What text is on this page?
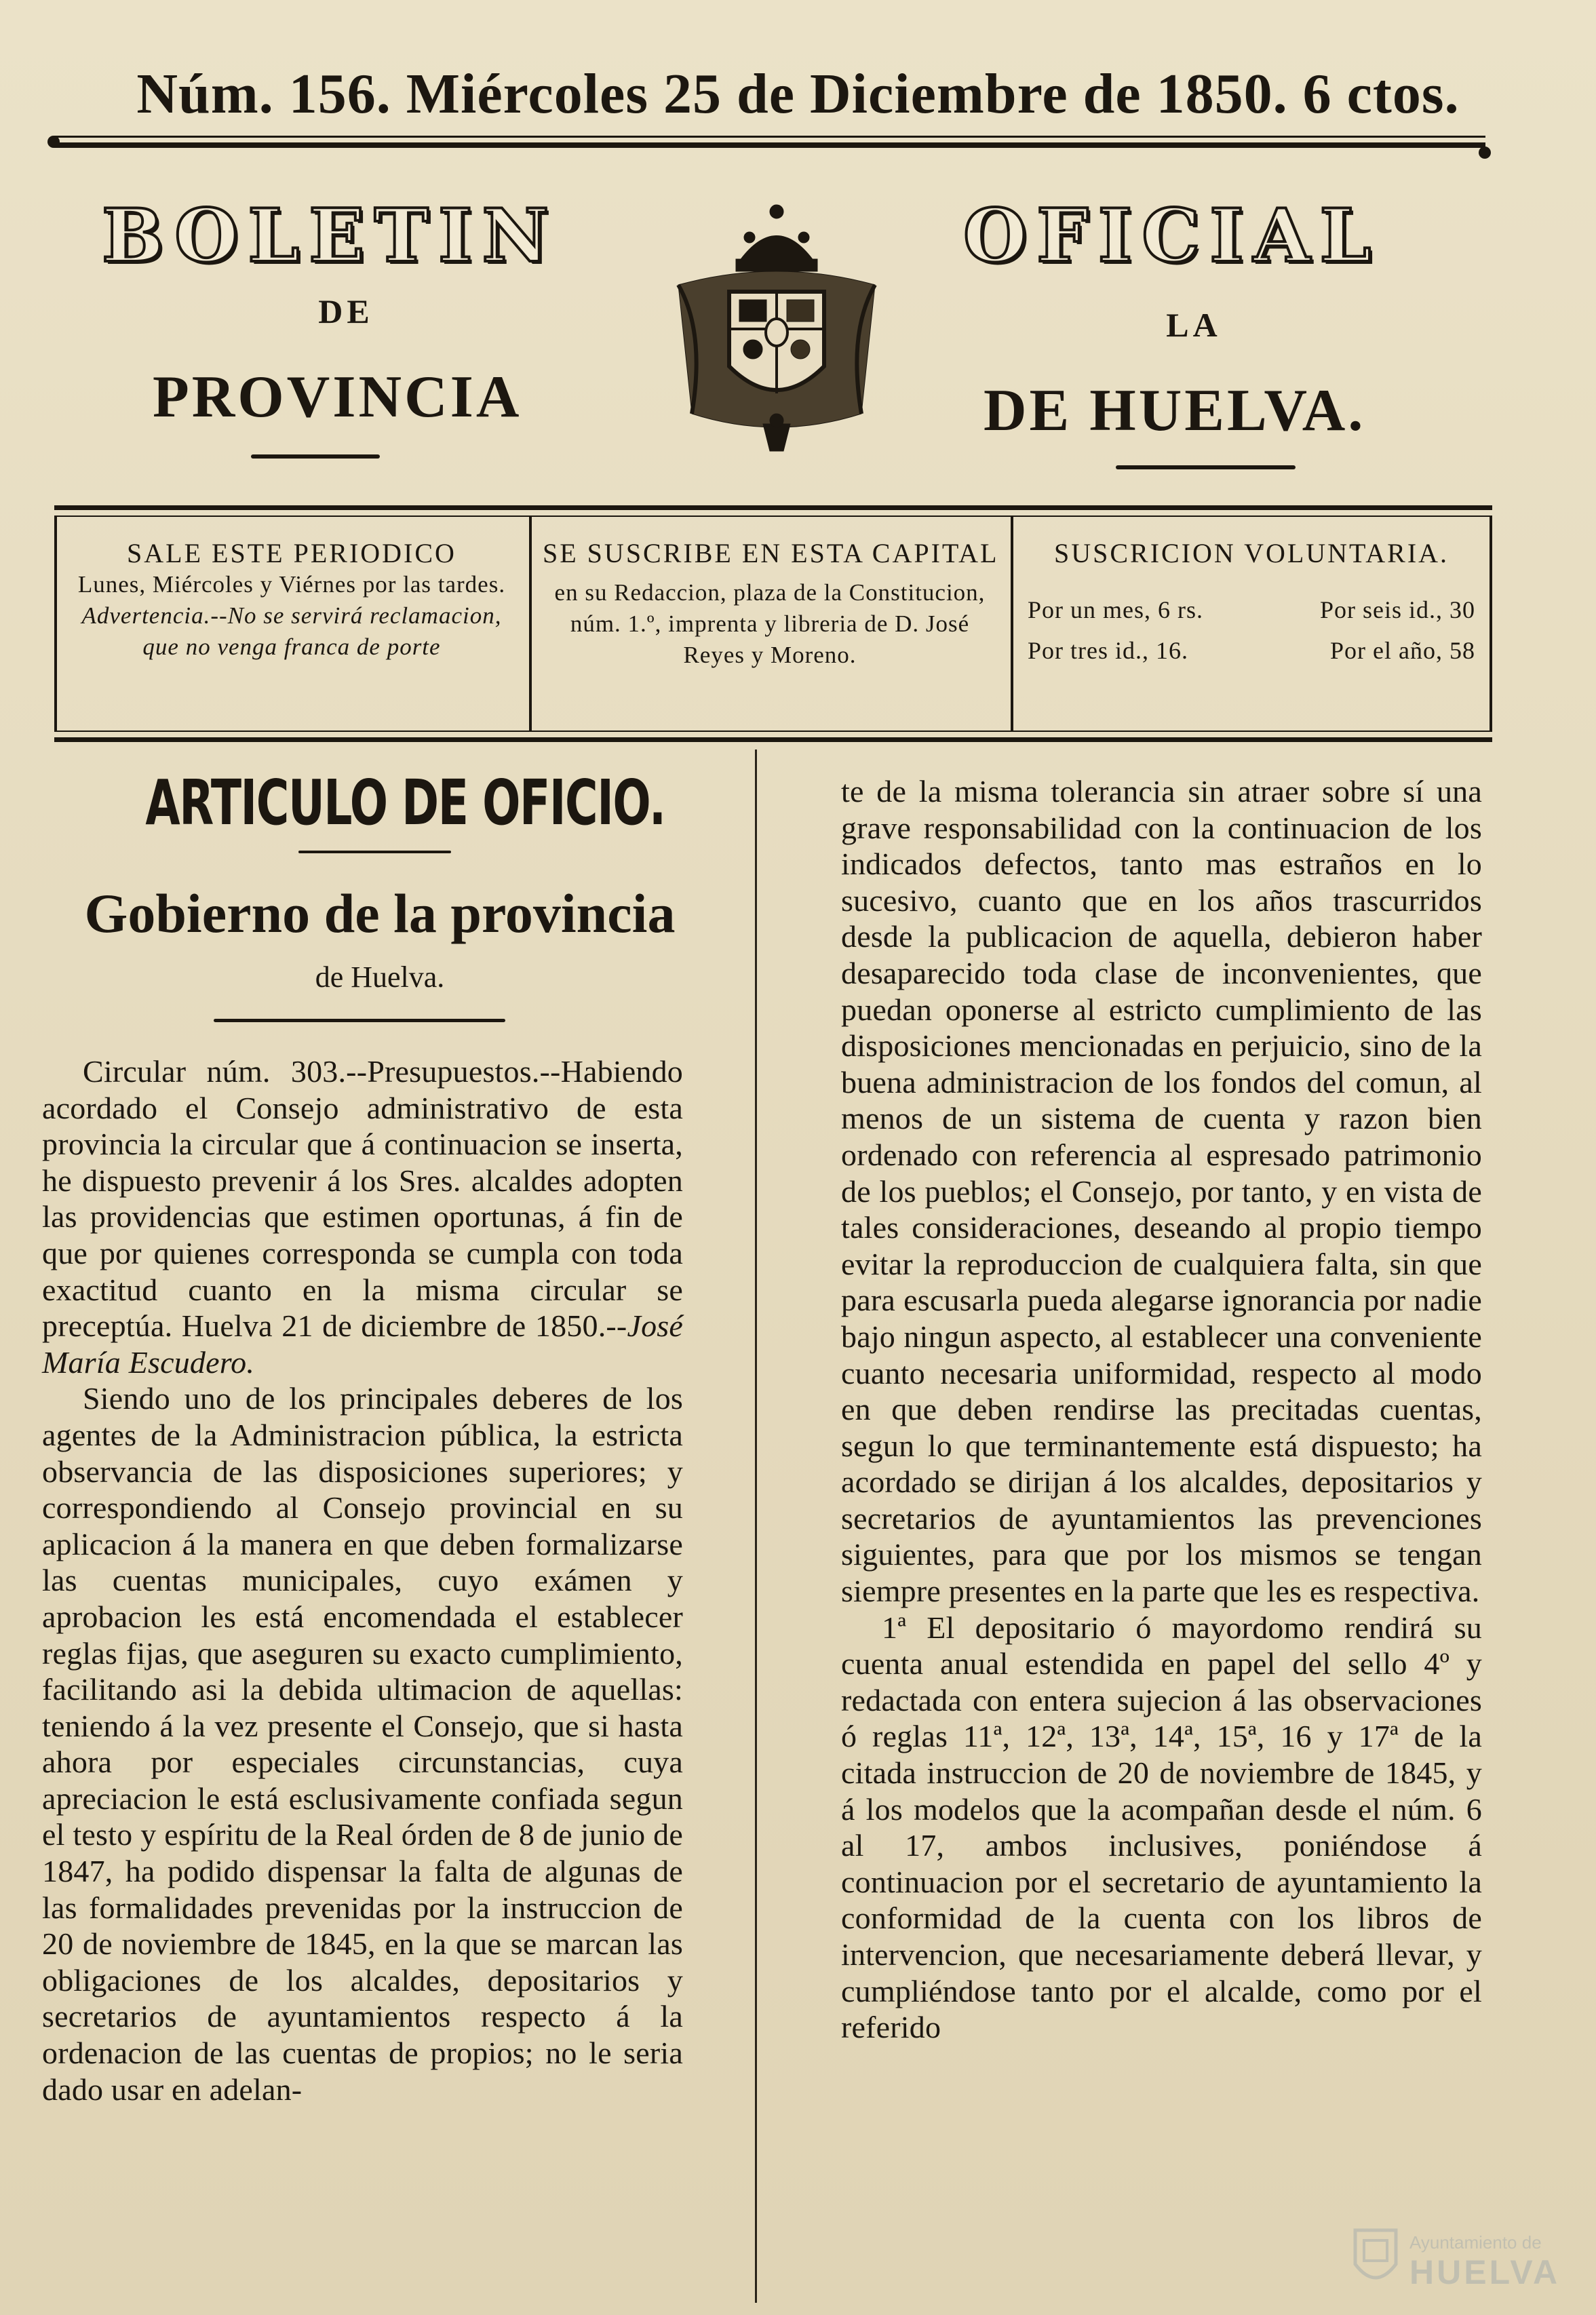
Núm. 156. Miércoles 25 de Diciembre de 1850. 6 ctos.
BOLETIN	OFICIAL
DE	LA
PROVINCIA	DE HUELVA.
SALE ESTE PERIODICO
Lunes, Miércoles y Viérnes por las tardes.
Advertencia.--No se servirá reclamacion, que no venga franca de porte
SE SUSCRIBE EN ESTA CAPITAL
en su Redaccion, plaza de la Constitucion, núm. 1.º, imprenta y libreria de D. José Reyes y Moreno.
SUSCRICION VOLUNTARIA.
Por un mes, 6 rs.	Por seis id., 30
Por tres id., 16.	Por el año, 58
ARTICULO DE OFICIO.
Gobierno de la provincia
de Huelva.

Circular núm. 303.--Presupuestos.--Habiendo acordado el Consejo administrativo de esta provincia la circular que á continuacion se inserta, he dispuesto prevenir á los Sres. alcaldes adopten las providencias que estimen oportunas, á fin de que por quienes corresponda se cumpla con toda exactitud cuanto en la misma circular se preceptúa. Huelva 21 de diciembre de 1850.--José María Escudero.

Siendo uno de los principales deberes de los agentes de la Administracion pública, la estricta observancia de las disposiciones superiores; y correspondiendo al Consejo provincial en su aplicacion á la manera en que deben formalizarse las cuentas municipales, cuyo exámen y aprobacion les está encomendada el establecer reglas fijas, que aseguren su exacto cumplimiento, facilitando asi la debida ultimacion de aquellas: teniendo á la vez presente el Consejo, que si hasta ahora por especiales circunstancias, cuya apreciacion le está esclusivamente confiada segun el testo y espíritu de la Real órden de 8 de junio de 1847, ha podido dispensar la falta de algunas de las formalidades prevenidas por la instruccion de 20 de noviembre de 1845, en la que se marcan las obligaciones de los alcaldes, depositarios y secretarios de ayuntamientos respecto á la ordenacion de las cuentas de propios; no le seria dado usar en adelan-

te de la misma tolerancia sin atraer sobre sí una grave responsabilidad con la continuacion de los indicados defectos, tanto mas estraños en lo sucesivo, cuanto que en los años trascurridos desde la publicacion de aquella, debieron haber desaparecido toda clase de inconvenientes, que puedan oponerse al estricto cumplimiento de las disposiciones mencionadas en perjuicio, sino de la buena administracion de los fondos del comun, al menos de un sistema de cuenta y razon bien ordenado con referencia al espresado patrimonio de los pueblos; el Consejo, por tanto, y en vista de tales consideraciones, deseando al propio tiempo evitar la reproduccion de cualquiera falta, sin que para escusarla pueda alegarse ignorancia por nadie bajo ningun aspecto, al establecer una conveniente cuanto necesaria uniformidad, respecto al modo en que deben rendirse las precitadas cuentas, segun lo que terminantemente está dispuesto; ha acordado se dirijan á los alcaldes, depositarios y secretarios de ayuntamientos las prevenciones siguientes, para que por los mismos se tengan siempre presentes en la parte que les es respectiva.

1ª El depositario ó mayordomo rendirá su cuenta anual estendida en papel del sello 4º y redactada con entera sujecion á las observaciones ó reglas 11ª, 12ª, 13ª, 14ª, 15ª, 16 y 17ª de la citada instruccion de 20 de noviembre de 1845, y á los modelos que la acompañan desde el núm. 6 al 17, ambos inclusives, poniéndose á continuacion por el secretario de ayuntamiento la conformidad de la cuenta con los libros de intervencion, que necesariamente deberá llevar, y cumpliéndose tanto por el alcalde, como por el referido

Ayuntamiento de
HUELVA
